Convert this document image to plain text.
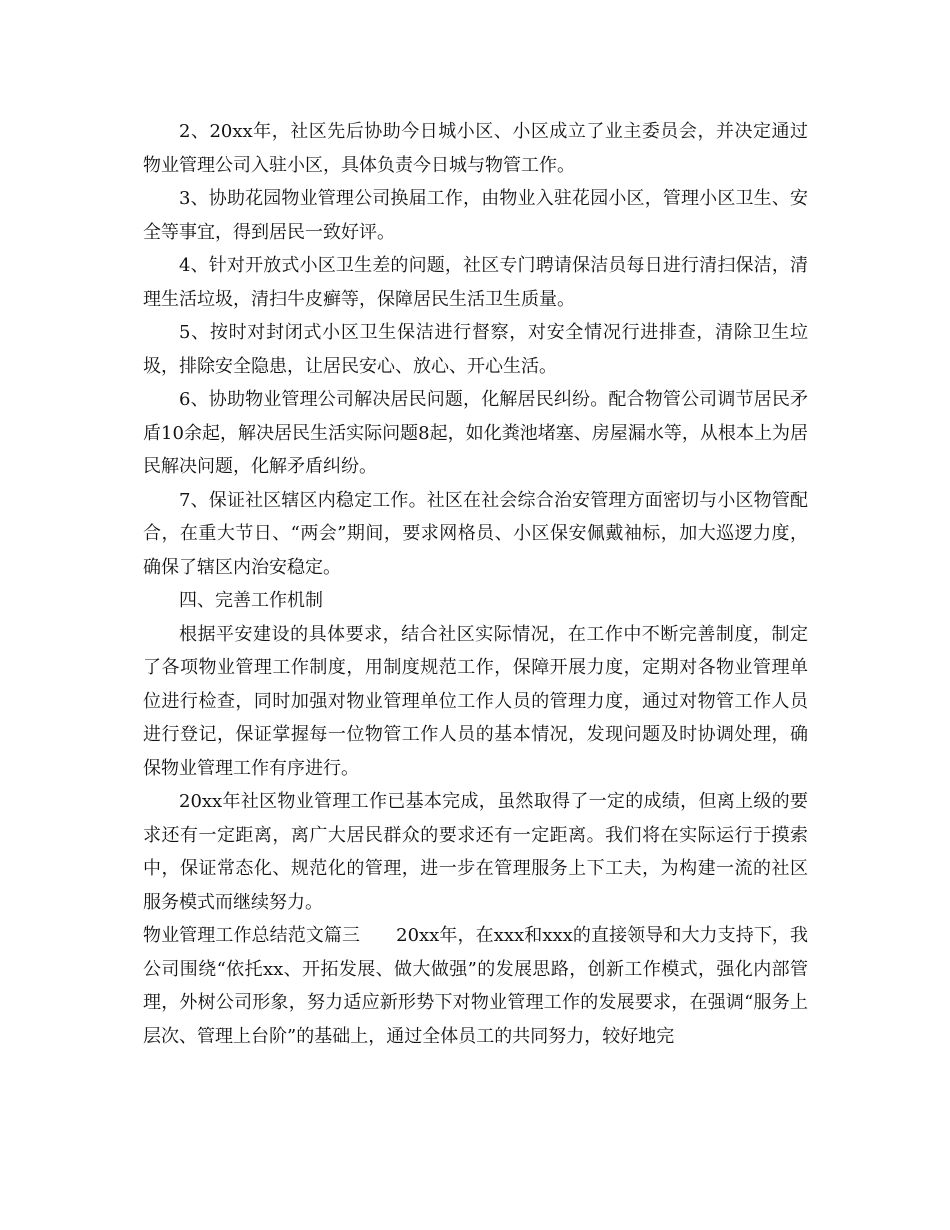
2、20xx年，社区先后协助今日城小区、小区成立了业主委员会，并决定通过物业管理公司入驻小区，具体负责今日城与物管工作。

3、协助花园物业管理公司换届工作，由物业入驻花园小区，管理小区卫生、安全等事宜，得到居民一致好评。

4、针对开放式小区卫生差的问题，社区专门聘请保洁员每日进行清扫保洁，清理生活垃圾，清扫牛皮癣等，保障居民生活卫生质量。

5、按时对封闭式小区卫生保洁进行督察，对安全情况行进排查，清除卫生垃圾，排除安全隐患，让居民安心、放心、开心生活。

6、协助物业管理公司解决居民问题，化解居民纠纷。配合物管公司调节居民矛盾10余起，解决居民生活实际问题8起，如化粪池堵塞、房屋漏水等，从根本上为居民解决问题，化解矛盾纠纷。

7、保证社区辖区内稳定工作。社区在社会综合治安管理方面密切与小区物管配合，在重大节日、“两会”期间，要求网格员、小区保安佩戴袖标，加大巡逻力度，确保了辖区内治安稳定。

四、完善工作机制

根据平安建设的具体要求，结合社区实际情况，在工作中不断完善制度，制定了各项物业管理工作制度，用制度规范工作，保障开展力度，定期对各物业管理单位进行检查，同时加强对物业管理单位工作人员的管理力度，通过对物管工作人员进行登记，保证掌握每一位物管工作人员的基本情况，发现问题及时协调处理，确保物业管理工作有序进行。

20xx年社区物业管理工作已基本完成，虽然取得了一定的成绩，但离上级的要求还有一定距离，离广大居民群众的要求还有一定距离。我们将在实际运行于摸索中，保证常态化、规范化的管理，进一步在管理服务上下工夫，为构建一流的社区服务模式而继续努力。

物业管理工作总结范文篇三 20xx年，在xxx和xxx的直接领导和大力支持下，我公司围绕“依托xx、开拓发展、做大做强”的发展思路，创新工作模式，强化内部管理，外树公司形象，努力适应新形势下对物业管理工作的发展要求，在强调“服务上层次、管理上台阶”的基础上，通过全体员工的共同努力，较好地完
